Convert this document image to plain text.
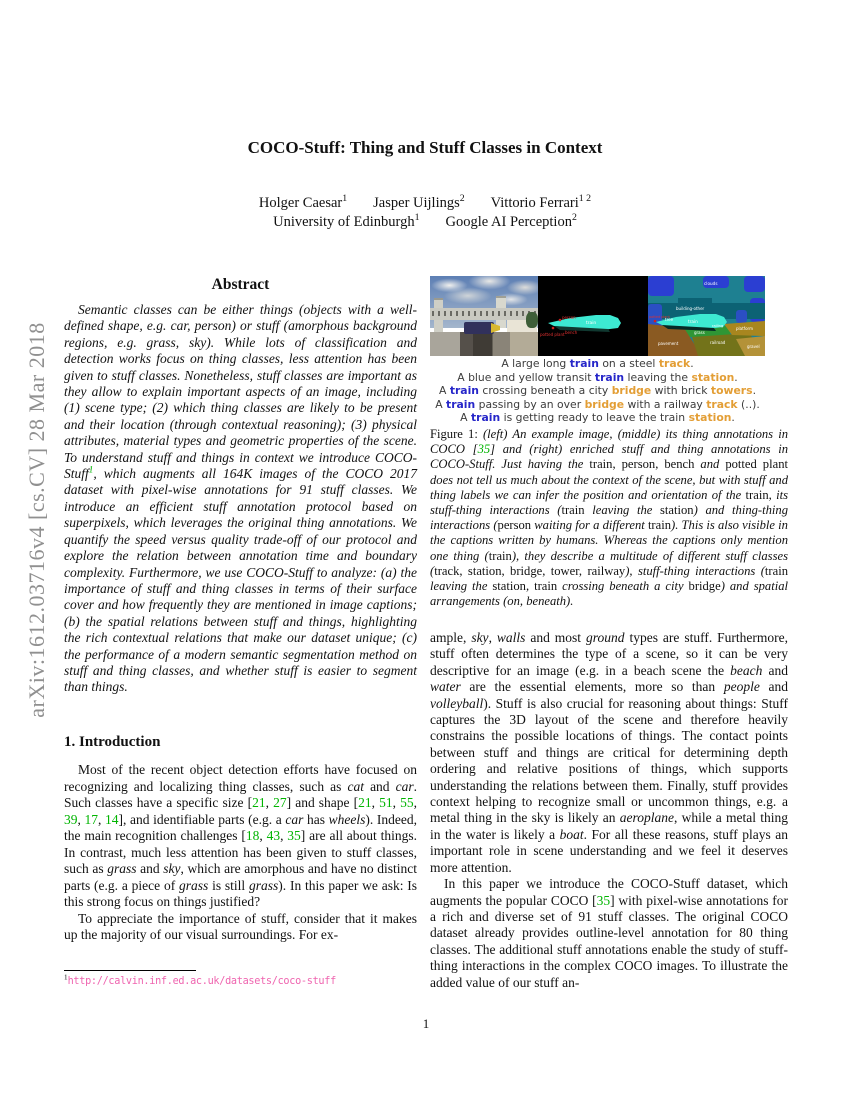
arXiv:1612.03716v4 [cs.CV] 28 Mar 2018
COCO-Stuff: Thing and Stuff Classes in Context
Holger Caesar$^1$ Jasper Uijlings$^2$ Vittorio Ferrari$^{1 2}$
University of Edinburgh$^1$ Google AI Perception$^2$
Abstract
Semantic classes can be either things (objects with a well-defined shape, e.g. car, person) or stuff (amorphous background regions, e.g. grass, sky). While lots of classification and detection works focus on thing classes, less attention has been given to stuff classes. Nonetheless, stuff classes are important as they allow to explain important aspects of an image, including (1) scene type; (2) which thing classes are likely to be present and their location (through contextual reasoning); (3) physical attributes, material types and geometric properties of the scene. To understand stuff and things in context we introduce COCO-Stuff$^1$, which augments all 164K images of the COCO 2017 dataset with pixel-wise annotations for 91 stuff classes. We introduce an efficient stuff annotation protocol based on superpixels, which leverages the original thing annotations. We quantify the speed versus quality trade-off of our protocol and explore the relation between annotation time and boundary complexity. Furthermore, we use COCO-Stuff to analyze: (a) the importance of stuff and thing classes in terms of their surface cover and how frequently they are mentioned in image captions; (b) the spatial relations between stuff and things, highlighting the rich contextual relations that make our dataset unique; (c) the performance of a modern semantic segmentation method on stuff and thing classes, and whether stuff is easier to segment than things.
1. Introduction

Most of the recent object detection efforts have focused on recognizing and localizing thing classes, such as cat and car. Such classes have a specific size [21, 27] and shape [21, 51, 55, 39, 17, 14], and identifiable parts (e.g. a car has wheels). Indeed, the main recognition challenges [18, 43, 35] are all about things. In contrast, much less attention has been given to stuff classes, such as grass and sky, which are amorphous and have no distinct parts (e.g. a piece of grass is still grass). In this paper we ask: Is this strong focus on things justified?

To appreciate the importance of stuff, consider that it makes up the majority of our visual surroundings. For ex-

$^1$http://calvin.inf.ed.ac.uk/datasets/coco-stuff
person
potted plant bench
train
clouds
building-other
tree	train
grass
railing	platform
railroad
gravel
pavement
potted plant
A large long train on a steel track.
A blue and yellow transit train leaving the station.
A train crossing beneath a city bridge with brick towers.
A train passing by an over bridge with a railway track (..).
A train is getting ready to leave the train station.
Figure 1: (left) An example image, (middle) its thing annotations in COCO [35] and (right) enriched stuff and thing annotations in COCO-Stuff. Just having the train, person, bench and potted plant does not tell us much about the context of the scene, but with stuff and thing labels we can infer the position and orientation of the train, its stuff-thing interactions (train leaving the station) and thing-thing interactions (person waiting for a different train). This is also visible in the captions written by humans. Whereas the captions only mention one thing (train), they describe a multitude of different stuff classes (track, station, bridge, tower, railway), stuff-thing interactions (train leaving the station, train crossing beneath a city bridge) and spatial arrangements (on, beneath).

ample, sky, walls and most ground types are stuff. Furthermore, stuff often determines the type of a scene, so it can be very descriptive for an image (e.g. in a beach scene the beach and water are the essential elements, more so than people and volleyball). Stuff is also crucial for reasoning about things: Stuff captures the 3D layout of the scene and therefore heavily constrains the possible locations of things. The contact points between stuff and things are critical for determining depth ordering and relative positions of things, which supports understanding the relations between them. Finally, stuff provides context helping to recognize small or uncommon things, e.g. a metal thing in the sky is likely an aeroplane, while a metal thing in the water is likely a boat. For all these reasons, stuff plays an important role in scene understanding and we feel it deserves more attention.

In this paper we introduce the COCO-Stuff dataset, which augments the popular COCO [35] with pixel-wise annotations for a rich and diverse set of 91 stuff classes. The original COCO dataset already provides outline-level annotation for 80 thing classes. The additional stuff annotations enable the study of stuff-thing interactions in the complex COCO images. To illustrate the added value of our stuff an-

1
